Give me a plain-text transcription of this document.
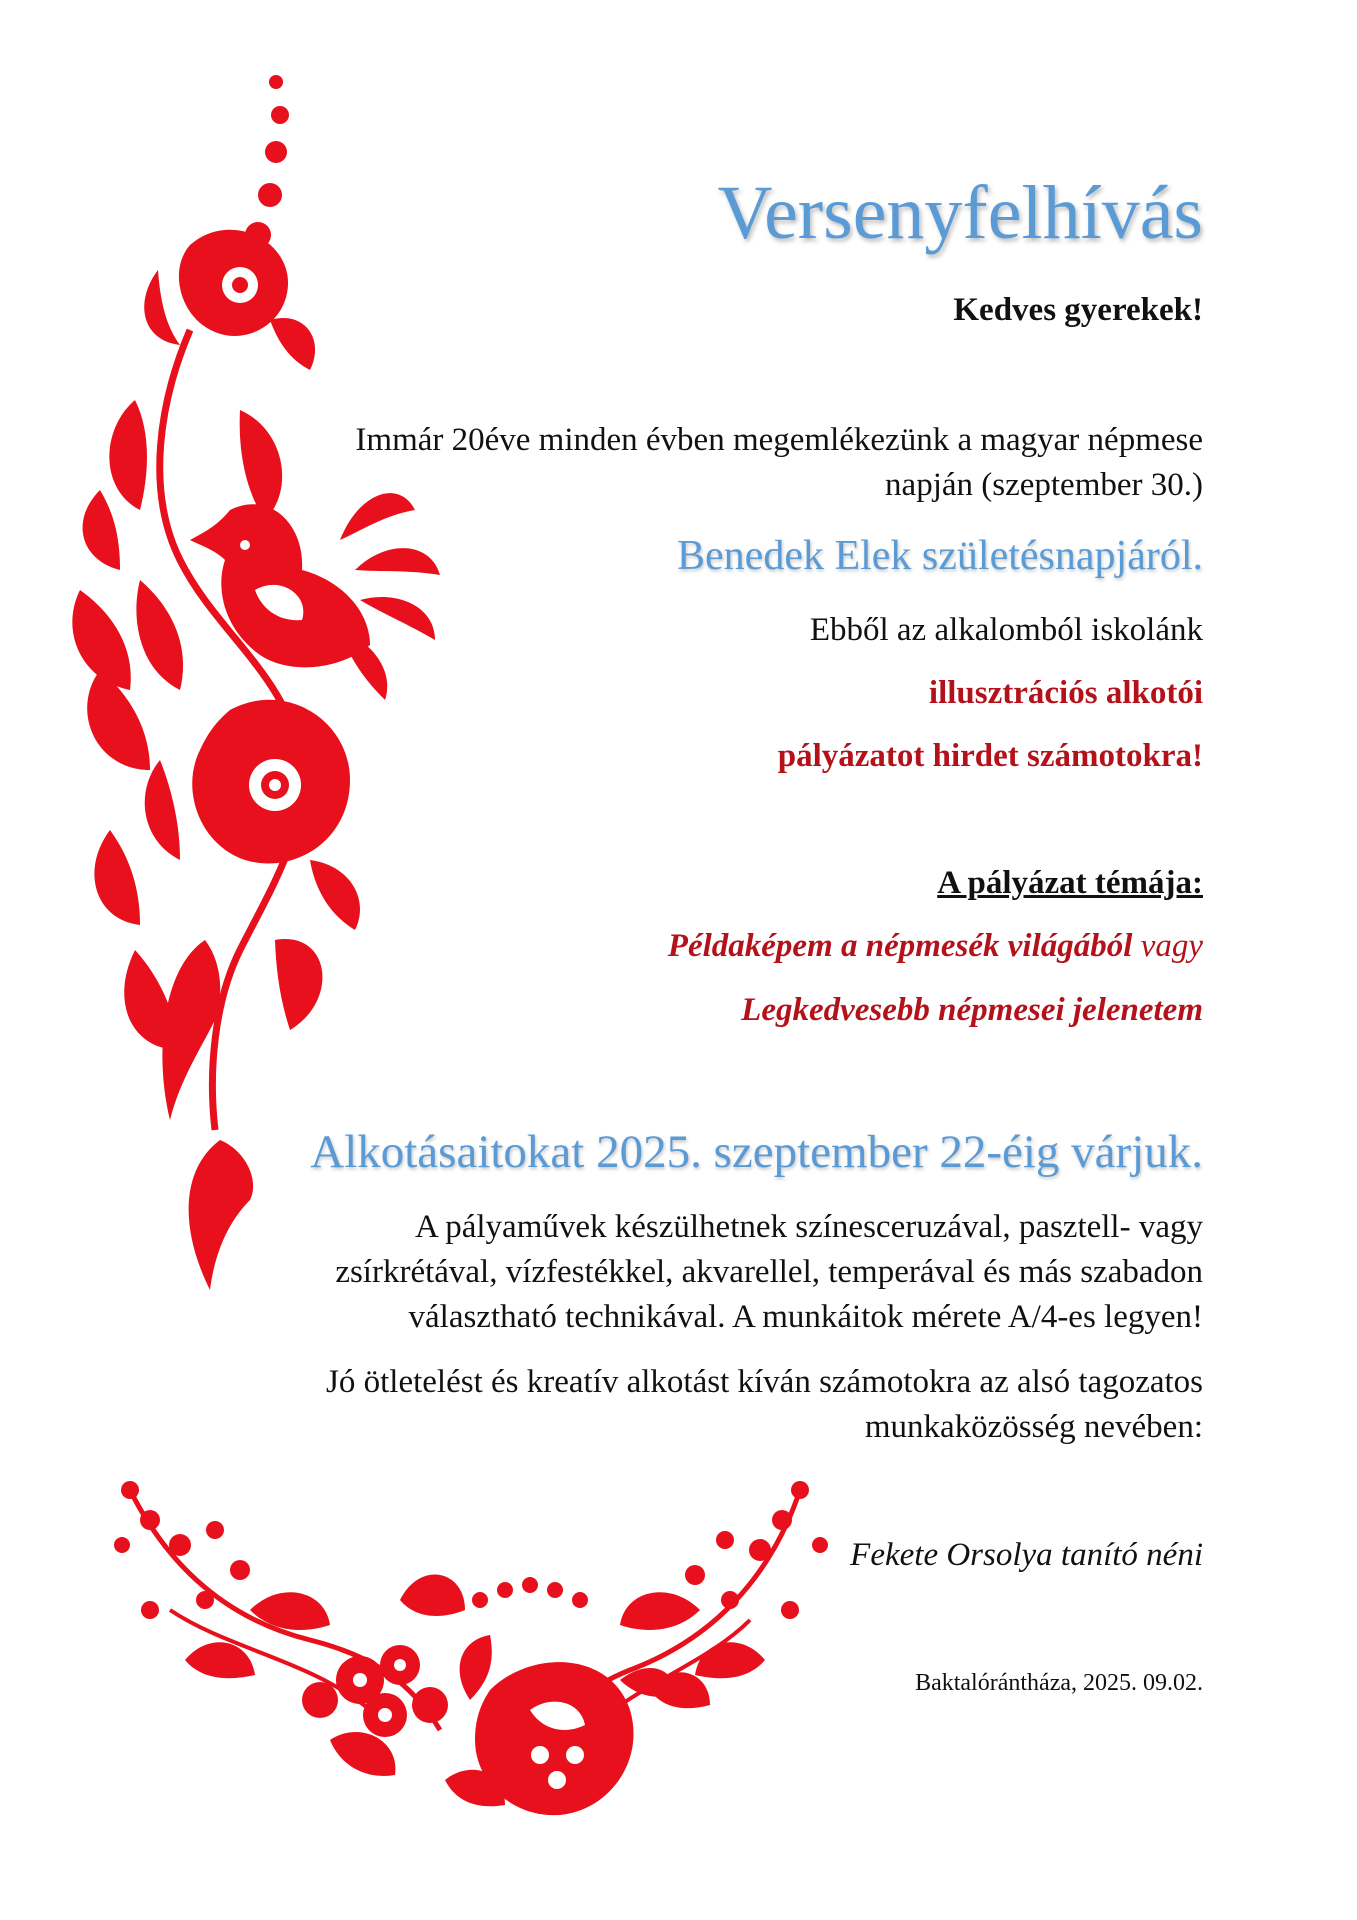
Versenyfelhívás
Kedves gyerekek!
Immár 20éve minden évben megemlékezünk a magyar népmese
napján (szeptember 30.)
Benedek Elek születésnapjáról.
Ebből az alkalomból iskolánk
illusztrációs alkotói
pályázatot hirdet számotokra!
A pályázat témája:
Példaképem a népmesék világából vagy
Legkedvesebb népmesei jelenetem
Alkotásaitokat 2025. szeptember 22-éig várjuk.
A pályaművek készülhetnek színesceruzával, pasztell- vagy
zsírkrétával, vízfestékkel, akvarellel, temperával és más szabadon
választható technikával. A munkáitok mérete A/4-es legyen!
Jó ötletelést és kreatív alkotást kíván számotokra az alsó tagozatos
munkaközösség nevében:
Fekete Orsolya tanító néni
Baktalórántháza, 2025. 09.02.
